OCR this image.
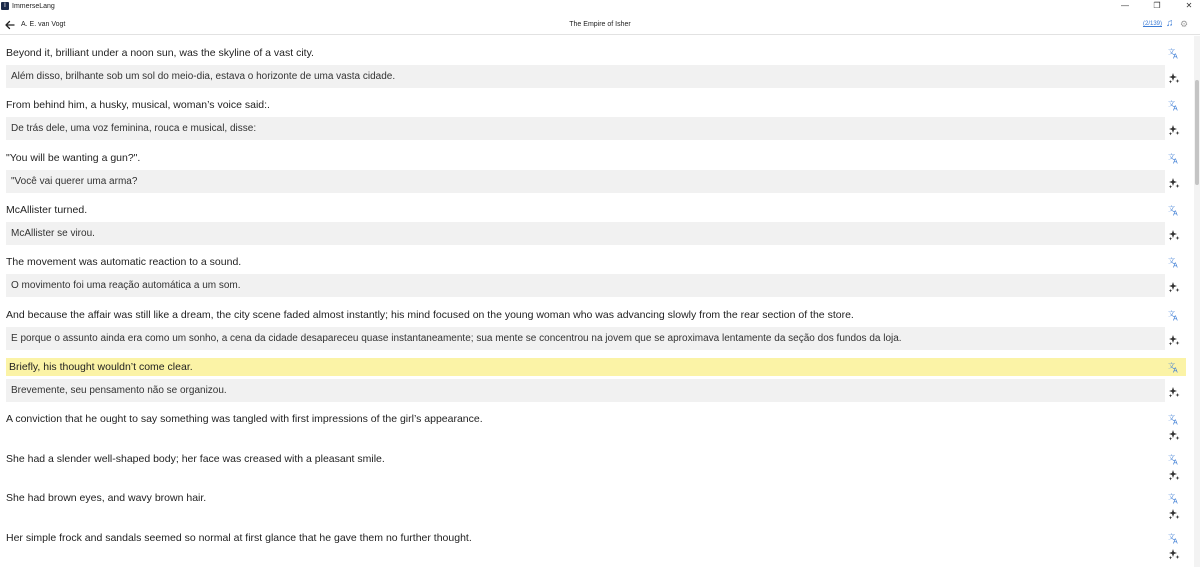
I ImmerseLang	—	❐	✕
A. E. van Vogt	The Empire of Isher	(2/139) ♫ ⚙
Beyond it, brilliant under a noon sun, was the skyline of a vast city.	文
A
Além disso, brilhante sob um sol do meio-dia, estava o horizonte de uma vasta cidade.
From behind him, a husky, musical, woman’s voice said:.	文
A
De trás dele, uma voz feminina, rouca e musical, disse:
"You will be wanting a gun?".	文
A
"Você vai querer uma arma?
McAllister turned.	文
A
McAllister se virou.
The movement was automatic reaction to a sound.	文
A
O movimento foi uma reação automática a um som.
And because the affair was still like a dream, the city scene faded almost instantly; his mind focused on the young woman who was advancing slowly from the rear section of the store.	文
A
E porque o assunto ainda era como um sonho, a cena da cidade desapareceu quase instantaneamente; sua mente se concentrou na jovem que se aproximava lentamente da seção dos fundos da loja.
Briefly, his thought wouldn’t come clear.	文
A
Brevemente, seu pensamento não se organizou.
A conviction that he ought to say something was tangled with first impressions of the girl’s appearance.	文
A
She had a slender well-shaped body; her face was creased with a pleasant smile.	文
A
She had brown eyes, and wavy brown hair.	文
A
Her simple frock and sandals seemed so normal at first glance that he gave them no further thought.	文
A
